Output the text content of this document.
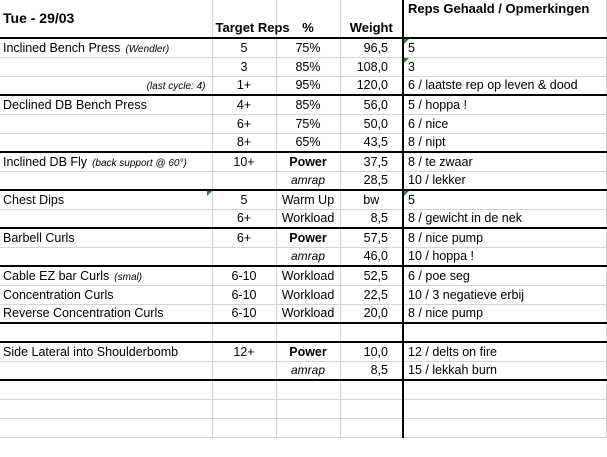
Tue - 29/03	Target Reps	%	Weight	Reps Gehaald / Opmerkingen
Inclined Bench Press (Wendler)	5	75%	96,5	5

	3	85%	108,0	3

(last cycle: 4)	1+	95%	120,0	6 / laatste rep op leven & dood
Declined DB Bench Press	4+	85%	56,0	5 / hoppa !
	6+	75%	50,0	6 / nice
	8+	65%	43,5	8 / nipt
Inclined DB Fly (back support @ 60°)	10+	Power	37,5	8 / te zwaar
		amrap	28,5	10 / lekker
Chest Dips	5	Warm Up	bw	5

	6+	Workload	8,5	8 / gewicht in de nek
Barbell Curls	6+	Power	57,5	8 / nice pump
		amrap	46,0	10 / hoppa !
Cable EZ bar Curls (smal)	6-10	Workload	52,5	6 / poe seg
Concentration Curls	6-10	Workload	22,5	10 / 3 negatieve erbij
Reverse Concentration Curls	6-10	Workload	20,0	8 / nice pump

Side Lateral into Shoulderbomb	12+	Power	10,0	12 / delts on fire
		amrap	8,5	15 / lekkah burn
